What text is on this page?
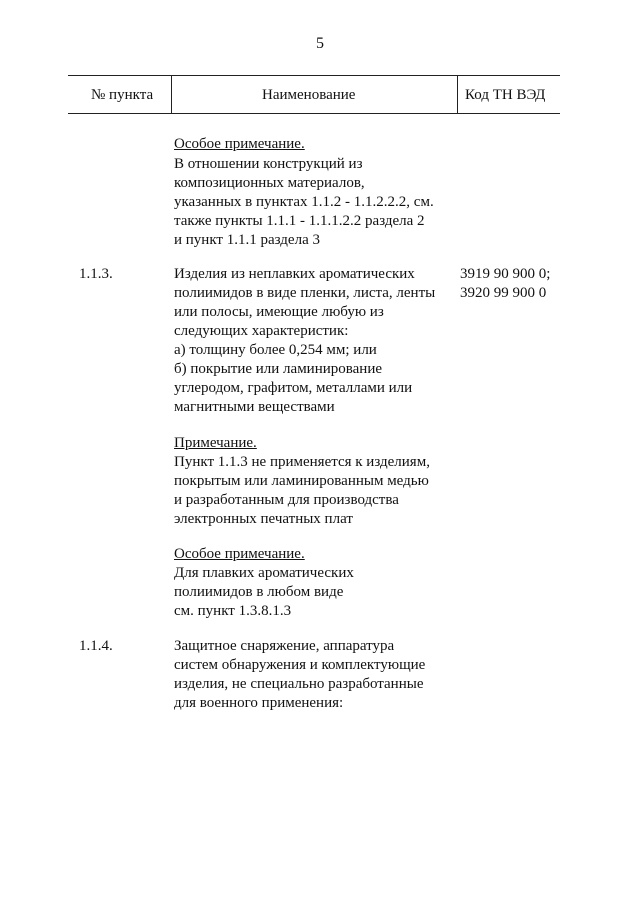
5
№ пункта	Наименование	Код ТН ВЭД
Особое примечание.
В отношении конструкций из
композиционных материалов,
указанных в пунктах 1.1.2 - 1.1.2.2.2, см.
также пункты 1.1.1 - 1.1.1.2.2 раздела 2
и пункт 1.1.1 раздела 3
1.1.3.	Изделия из неплавких ароматических
полиимидов в виде пленки, листа, ленты
или полосы, имеющие любую из
следующих характеристик:
а) толщину более 0,254 мм; или
б) покрытие или ламинирование
углеродом, графитом, металлами или
магнитными веществами
3919 90 900 0;
3920 99 900 0
Примечание.
Пункт 1.1.3 не применяется к изделиям,
покрытым или ламинированным медью
и разработанным для производства
электронных печатных плат
Особое примечание.
Для плавких ароматических
полиимидов в любом виде
см. пункт 1.3.8.1.3
1.1.4.	Защитное снаряжение, аппаратура
систем обнаружения и комплектующие
изделия, не специально разработанные
для военного применения:
